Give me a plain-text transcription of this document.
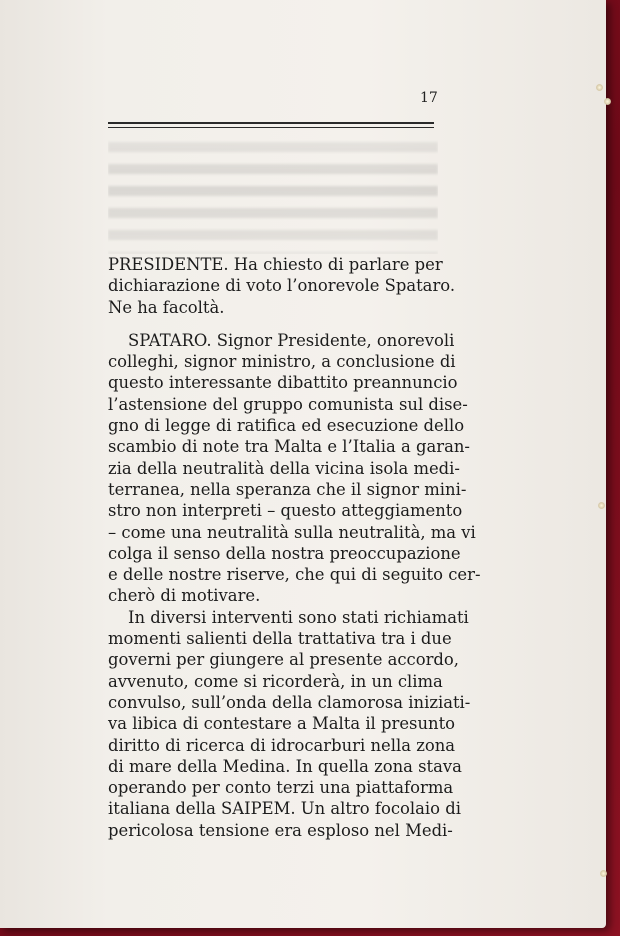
17
PRESIDENTE. Ha chiesto di parlare per
dichiarazione di voto l’onorevole Spataro.
Ne ha facoltà.
SPATARO. Signor Presidente, onorevoli
colleghi, signor ministro, a conclusione di
questo interessante dibattito preannuncio
l’astensione del gruppo comunista sul dise-
gno di legge di ratifica ed esecuzione dello
scambio di note tra Malta e l’Italia a garan-
zia della neutralità della vicina isola medi-
terranea, nella speranza che il signor mini-
stro non interpreti – questo atteggiamento
– come una neutralità sulla neutralità, ma vi
colga il senso della nostra preoccupazione
e delle nostre riserve, che qui di seguito cer-
cherò di motivare.
In diversi interventi sono stati richiamati
momenti salienti della trattativa tra i due
governi per giungere al presente accordo,
avvenuto, come si ricorderà, in un clima
convulso, sull’onda della clamorosa iniziati-
va libica di contestare a Malta il presunto
diritto di ricerca di idrocarburi nella zona
di mare della Medina. In quella zona stava
operando per conto terzi una piattaforma
italiana della SAIPEM. Un altro focolaio di
pericolosa tensione era esploso nel Medi-
